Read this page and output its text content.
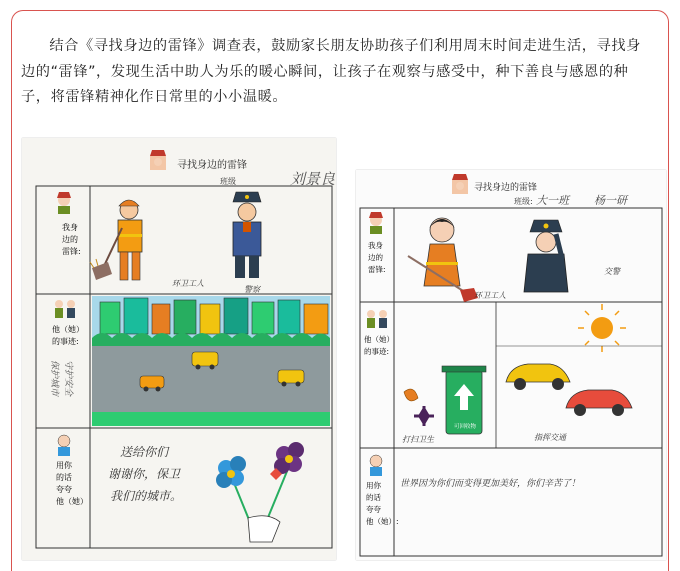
结合《寻找身边的雷锋》调查表，鼓励家长朋友协助孩子们利用周末时间走进生活，寻找身边的“雷锋”，发现生活中助人为乐的暖心瞬间，让孩子在观察与感受中，种下善良与感恩的种子，将雷锋精神化作日常里的小小温暖。

寻找身边的雷锋
班级	刘景良
我身
边的
雷锋:
环卫工人
警察
他（她）
的事迹:
保护城市 守护安全
用你
的话
夸夸
他（她）
送给你们
谢谢你，保卫
我们的城市。
寻找身边的雷锋
班级: 大一班 杨一研
我身
边的
雷锋:
环卫工人
交警
他（她）
的事迹:
可回收物
打扫卫生	指挥交通
用你
的话
夸夸
他（她）:
世界因为你们而变得更加美好，你们辛苦了！
